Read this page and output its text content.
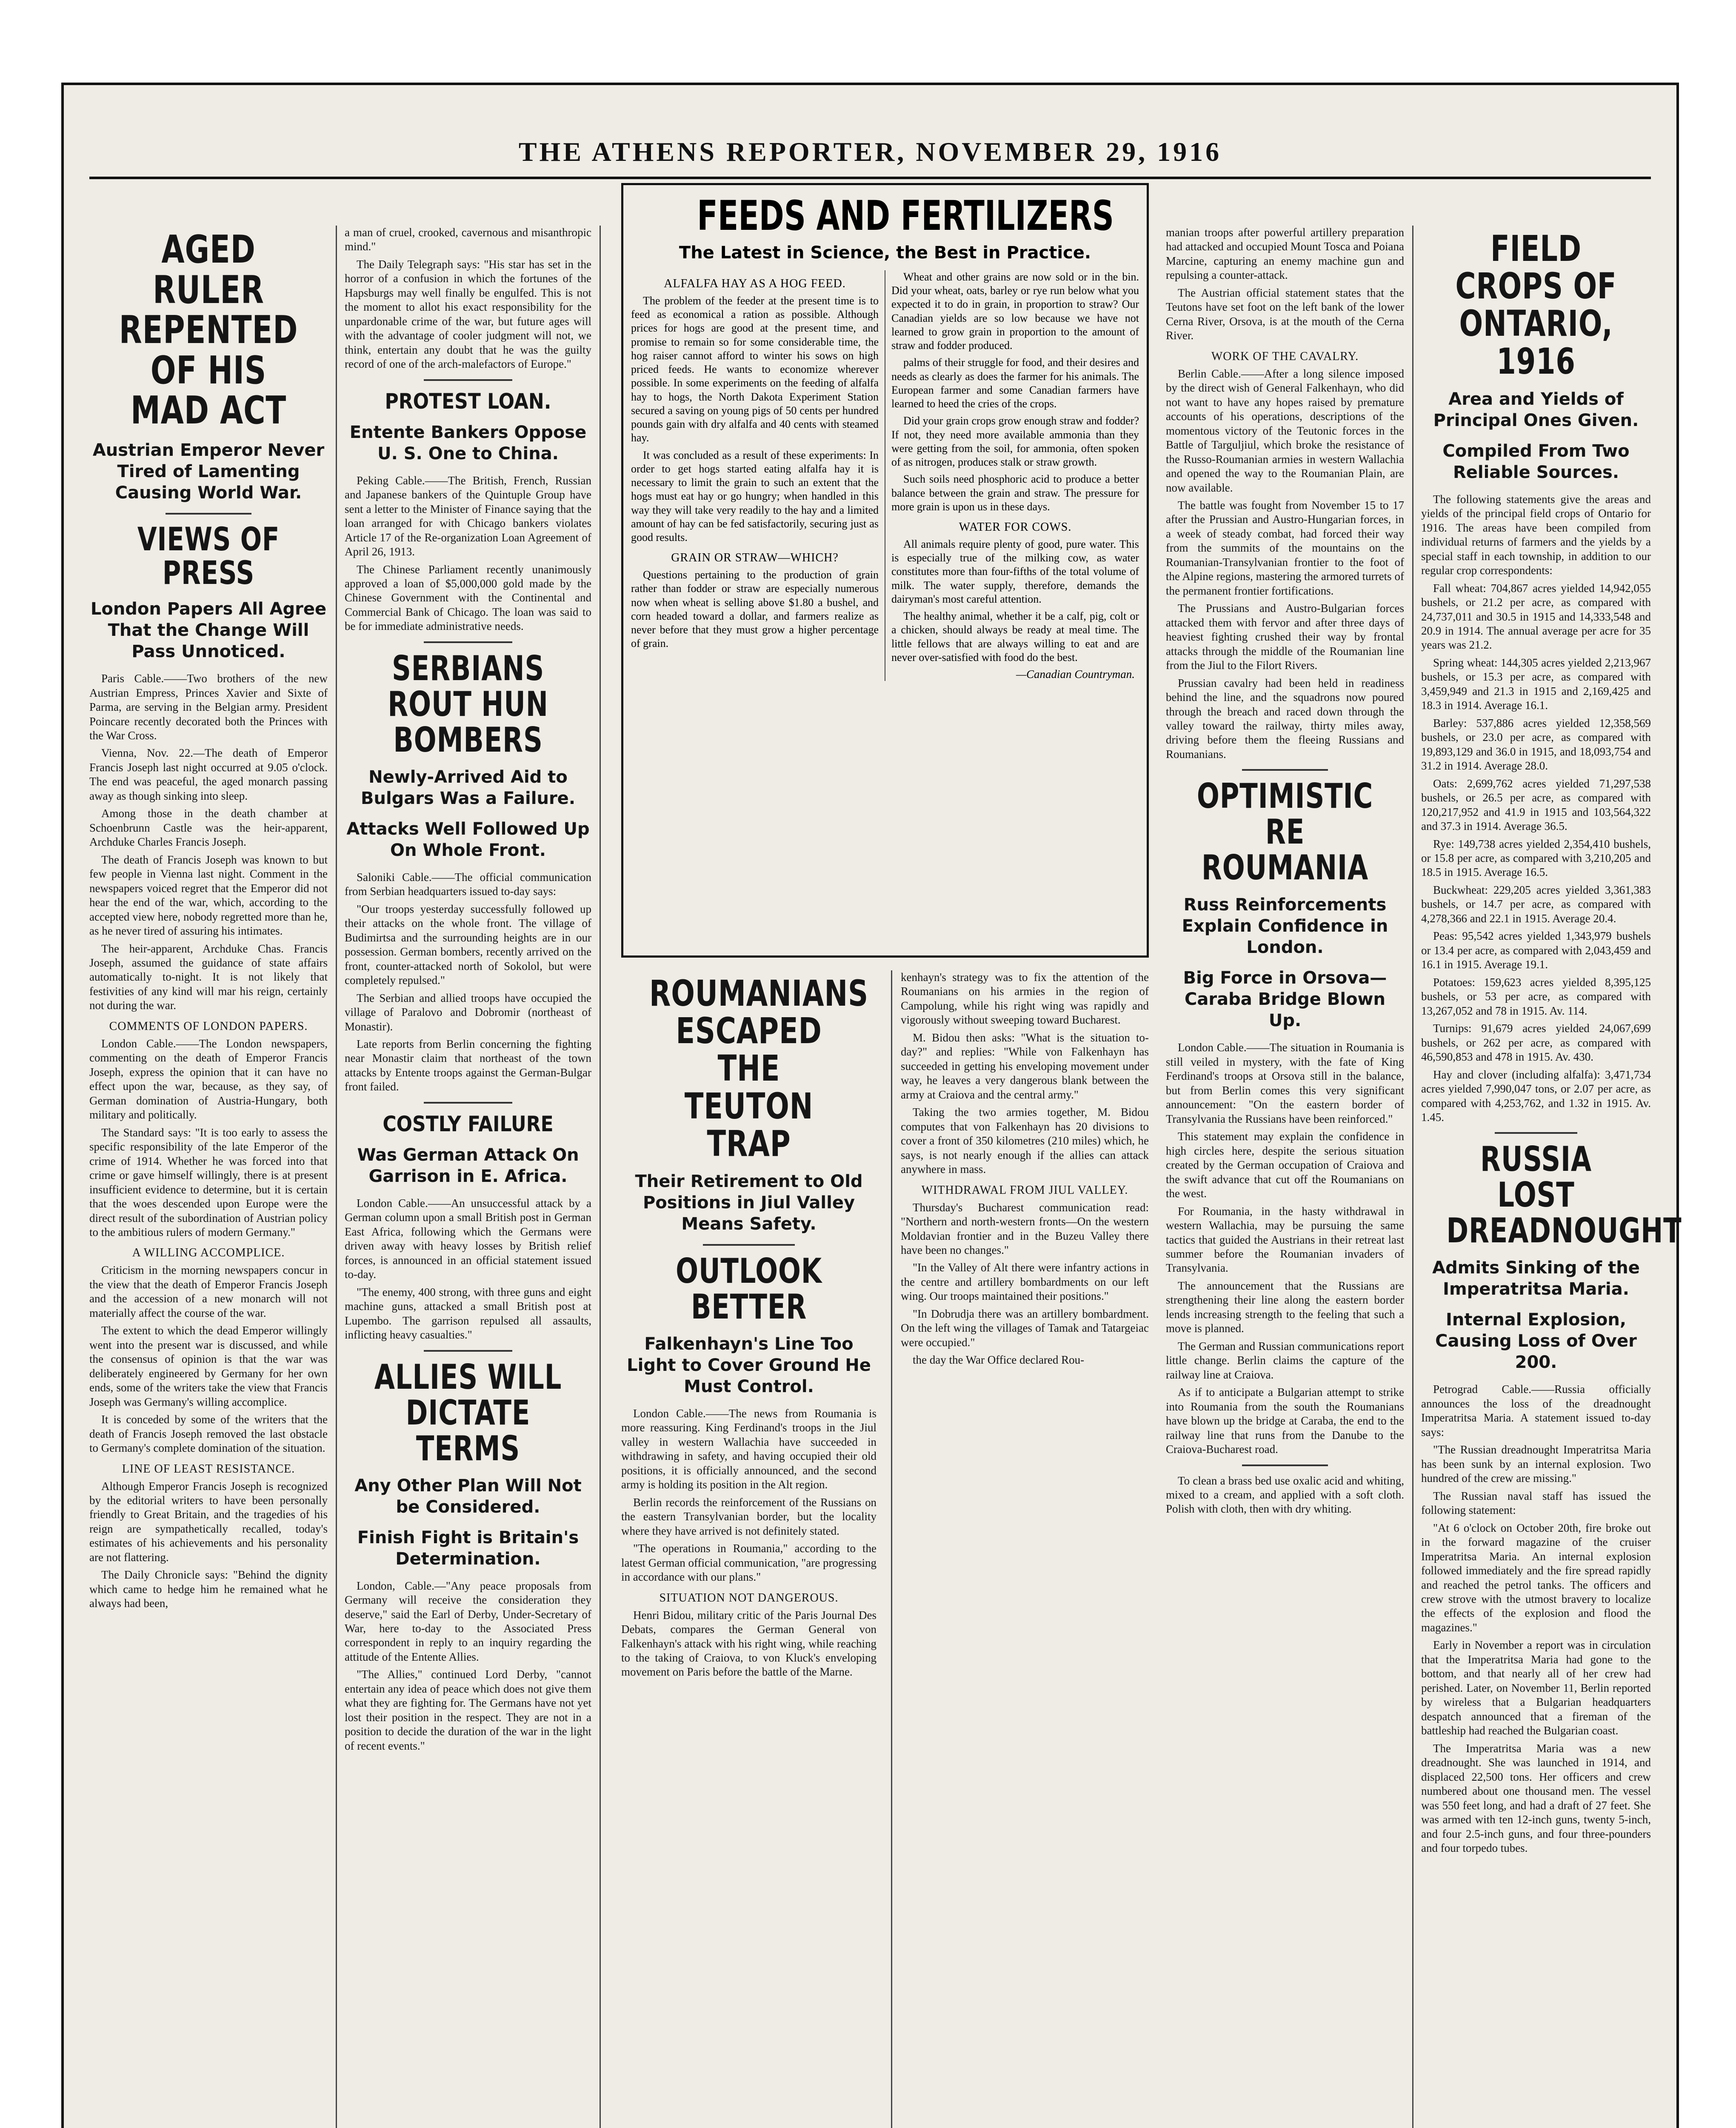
THE ATHENS REPORTER, NOVEMBER 29, 1916
AGED RULER REPENTED OF HIS MAD ACT
Austrian Emperor Never Tired of Lamenting Causing World War.
VIEWS OF PRESS
London Papers All Agree That the Change Will Pass Unnoticed.

Paris Cable.——Two brothers of the new Austrian Empress, Princes Xavier and Sixte of Parma, are serving in the Belgian army. President Poincare recently decorated both the Princes with the War Cross.

Vienna, Nov. 22.—The death of Emperor Francis Joseph last night occurred at 9.05 o'clock. The end was peaceful, the aged monarch passing away as though sinking into sleep.

Among those in the death chamber at Schoenbrunn Castle was the heir-apparent, Archduke Charles Francis Joseph.

The death of Francis Joseph was known to but few people in Vienna last night. Comment in the newspapers voiced regret that the Emperor did not hear the end of the war, which, according to the accepted view here, nobody regretted more than he, as he never tired of assuring his intimates.

The heir-apparent, Archduke Chas. Francis Joseph, assumed the guidance of state affairs automatically to-night. It is not likely that festivities of any kind will mar his reign, certainly not during the war.

COMMENTS OF LONDON PAPERS.

London Cable.——The London newspapers, commenting on the death of Emperor Francis Joseph, express the opinion that it can have no effect upon the war, because, as they say, of German domination of Austria-Hungary, both military and politically.

The Standard says: "It is too early to assess the specific responsibility of the late Emperor of the crime of 1914. Whether he was forced into that crime or gave himself willingly, there is at present insufficient evidence to determine, but it is certain that the woes descended upon Europe were the direct result of the subordination of Austrian policy to the ambitious rulers of modern Germany."

A WILLING ACCOMPLICE.

Criticism in the morning newspapers concur in the view that the death of Emperor Francis Joseph and the accession of a new monarch will not materially affect the course of the war.

The extent to which the dead Emperor willingly went into the present war is discussed, and while the consensus of opinion is that the war was deliberately engineered by Germany for her own ends, some of the writers take the view that Francis Joseph was Germany's willing accomplice.

It is conceded by some of the writers that the death of Francis Joseph removed the last obstacle to Germany's complete domination of the situation.

LINE OF LEAST RESISTANCE.

Although Emperor Francis Joseph is recognized by the editorial writers to have been personally friendly to Great Britain, and the tragedies of his reign are sympathetically recalled, today's estimates of his achievements and his personality are not flattering.

The Daily Chronicle says: "Behind the dignity which came to hedge him he remained what he always had been,

a man of cruel, crooked, cavernous and misanthropic mind."

The Daily Telegraph says: "His star has set in the horror of a confusion in which the fortunes of the Hapsburgs may well finally be engulfed. This is not the moment to allot his exact responsibility for the unpardonable crime of the war, but future ages will with the advantage of cooler judgment will not, we think, entertain any doubt that he was the guilty record of one of the arch-malefactors of Europe."

PROTEST LOAN.
Entente Bankers Oppose U. S. One to China.

Peking Cable.——The British, French, Russian and Japanese bankers of the Quintuple Group have sent a letter to the Minister of Finance saying that the loan arranged for with Chicago bankers violates Article 17 of the Re-organization Loan Agreement of April 26, 1913.

The Chinese Parliament recently unanimously approved a loan of $5,000,000 gold made by the Chinese Government with the Continental and Commercial Bank of Chicago. The loan was said to be for immediate administrative needs.

SERBIANS ROUT HUN BOMBERS
Newly-Arrived Aid to Bulgars Was a Failure.
Attacks Well Followed Up On Whole Front.

Saloniki Cable.——The official communication from Serbian headquarters issued to-day says:

"Our troops yesterday successfully followed up their attacks on the whole front. The village of Budimirtsa and the surrounding heights are in our possession. German bombers, recently arrived on the front, counter-attacked north of Sokolol, but were completely repulsed."

The Serbian and allied troops have occupied the village of Paralovo and Dobromir (northeast of Monastir).

Late reports from Berlin concerning the fighting near Monastir claim that northeast of the town attacks by Entente troops against the German-Bulgar front failed.

COSTLY FAILURE
Was German Attack On Garrison in E. Africa.

London Cable.——An unsuccessful attack by a German column upon a small British post in German East Africa, following which the Germans were driven away with heavy losses by British relief forces, is announced in an official statement issued to-day.

"The enemy, 400 strong, with three guns and eight machine guns, attacked a small British post at Lupembo. The garrison repulsed all assaults, inflicting heavy casualties."

ALLIES WILL DICTATE TERMS
Any Other Plan Will Not be Considered.
Finish Fight is Britain's Determination.

London, Cable.—"Any peace proposals from Germany will receive the consideration they deserve," said the Earl of Derby, Under-Secretary of War, here to-day to the Associated Press correspondent in reply to an inquiry regarding the attitude of the Entente Allies.

"The Allies," continued Lord Derby, "cannot entertain any idea of peace which does not give them what they are fighting for. The Germans have not yet lost their position in the respect. They are not in a position to decide the duration of the war in the light of recent events."

FEEDS AND FERTILIZERS
The Latest in Science, the Best in Practice.
ALFALFA HAY AS A HOG FEED.

The problem of the feeder at the present time is to feed as economical a ration as possible. Although prices for hogs are good at the present time, and promise to remain so for some considerable time, the hog raiser cannot afford to winter his sows on high priced feeds. He wants to economize wherever possible. In some experiments on the feeding of alfalfa hay to hogs, the North Dakota Experiment Station secured a saving on young pigs of 50 cents per hundred pounds gain with dry alfalfa and 40 cents with steamed hay.

It was concluded as a result of these experiments: In order to get hogs started eating alfalfa hay it is necessary to limit the grain to such an extent that the hogs must eat hay or go hungry; when handled in this way they will take very readily to the hay and a limited amount of hay can be fed satisfactorily, securing just as good results.

GRAIN OR STRAW—WHICH?

Questions pertaining to the production of grain rather than fodder or straw are especially numerous now when wheat is selling above $1.80 a bushel, and corn headed toward a dollar, and farmers realize as never before that they must grow a higher percentage of grain.

Wheat and other grains are now sold or in the bin. Did your wheat, oats, barley or rye run below what you expected it to do in grain, in proportion to straw? Our Canadian yields are so low because we have not learned to grow grain in proportion to the amount of straw and fodder produced.

palms of their struggle for food, and their desires and needs as clearly as does the farmer for his animals. The European farmer and some Canadian farmers have learned to heed the cries of the crops.

Did your grain crops grow enough straw and fodder? If not, they need more available ammonia than they were getting from the soil, for ammonia, often spoken of as nitrogen, produces stalk or straw growth.

Such soils need phosphoric acid to produce a better balance between the grain and straw. The pressure for more grain is upon us in these days.

WATER FOR COWS.

All animals require plenty of good, pure water. This is especially true of the milking cow, as water constitutes more than four-fifths of the total volume of milk. The water supply, therefore, demands the dairyman's most careful attention.

The healthy animal, whether it be a calf, pig, colt or a chicken, should always be ready at meal time. The little fellows that are always willing to eat and are never over-satisfied with food do the best.

—Canadian Countryman.

manian troops after powerful artillery preparation had attacked and occupied Mount Tosca and Poiana Marcine, capturing an enemy machine gun and repulsing a counter-attack.

The Austrian official statement states that the Teutons have set foot on the left bank of the lower Cerna River, Orsova, is at the mouth of the Cerna River.

WORK OF THE CAVALRY.

Berlin Cable.——After a long silence imposed by the direct wish of General Falkenhayn, who did not want to have any hopes raised by premature accounts of his operations, descriptions of the momentous victory of the Teutonic forces in the Battle of Targuljiul, which broke the resistance of the Russo-Roumanian armies in western Wallachia and opened the way to the Roumanian Plain, are now available.

The battle was fought from November 15 to 17 after the Prussian and Austro-Hungarian forces, in a week of steady combat, had forced their way from the summits of the mountains on the Roumanian-Transylvanian frontier to the foot of the Alpine regions, mastering the armored turrets of the permanent frontier fortifications.

The Prussians and Austro-Bulgarian forces attacked them with fervor and after three days of heaviest fighting crushed their way by frontal attacks through the middle of the Roumanian line from the Jiul to the Filort Rivers.

Prussian cavalry had been held in readiness behind the line, and the squadrons now poured through the breach and raced down through the valley toward the railway, thirty miles away, driving before them the fleeing Russians and Roumanians.

OPTIMISTIC RE ROUMANIA
Russ Reinforcements Explain Confidence in London.
Big Force in Orsova—Caraba Bridge Blown Up.

London Cable.——The situation in Roumania is still veiled in mystery, with the fate of King Ferdinand's troops at Orsova still in the balance, but from Berlin comes this very significant announcement: "On the eastern border of Transylvania the Russians have been reinforced."

This statement may explain the confidence in high circles here, despite the serious situation created by the German occupation of Craiova and the swift advance that cut off the Roumanians on the west.

For Roumania, in the hasty withdrawal in western Wallachia, may be pursuing the same tactics that guided the Austrians in their retreat last summer before the Roumanian invaders of Transylvania.

The announcement that the Russians are strengthening their line along the eastern border lends increasing strength to the feeling that such a move is planned.

The German and Russian communications report little change. Berlin claims the capture of the railway line at Craiova.

As if to anticipate a Bulgarian attempt to strike into Roumania from the south the Roumanians have blown up the bridge at Caraba, the end to the railway line that runs from the Danube to the Craiova-Bucharest road.

To clean a brass bed use oxalic acid and whiting, mixed to a cream, and applied with a soft cloth. Polish with cloth, then with dry whiting.

ROUMANIANS ESCAPED THE TEUTON TRAP
Their Retirement to Old Positions in Jiul Valley Means Safety.
OUTLOOK BETTER
Falkenhayn's Line Too Light to Cover Ground He Must Control.

London Cable.——The news from Roumania is more reassuring. King Ferdinand's troops in the Jiul valley in western Wallachia have succeeded in withdrawing in safety, and having occupied their old positions, it is officially announced, and the second army is holding its position in the Alt region.

Berlin records the reinforcement of the Russians on the eastern Transylvanian border, but the locality where they have arrived is not definitely stated.

"The operations in Roumania," according to the latest German official communication, "are progressing in accordance with our plans."

SITUATION NOT DANGEROUS.

Henri Bidou, military critic of the Paris Journal Des Debats, compares the German General von Falkenhayn's attack with his right wing, while reaching to the taking of Craiova, to von Kluck's enveloping movement on Paris before the battle of the Marne.

kenhayn's strategy was to fix the attention of the Roumanians on his armies in the region of Campolung, while his right wing was rapidly and vigorously without sweeping toward Bucharest.

M. Bidou then asks: "What is the situation to-day?" and replies: "While von Falkenhayn has succeeded in getting his enveloping movement under way, he leaves a very dangerous blank between the army at Craiova and the central army."

Taking the two armies together, M. Bidou computes that von Falkenhayn has 20 divisions to cover a front of 350 kilometres (210 miles) which, he says, is not nearly enough if the allies can attack anywhere in mass.

WITHDRAWAL FROM JIUL VALLEY.

Thursday's Bucharest communication read: "Northern and north-western fronts—On the western Moldavian frontier and in the Buzeu Valley there have been no changes."

"In the Valley of Alt there were infantry actions in the centre and artillery bombardments on our left wing. Our troops maintained their positions."

"In Dobrudja there was an artillery bombardment. On the left wing the villages of Tamak and Tatargeiac were occupied."

the day the War Office declared Rou-

FIELD CROPS OF ONTARIO, 1916
Area and Yields of Principal Ones Given.
Compiled From Two Reliable Sources.

The following statements give the areas and yields of the principal field crops of Ontario for 1916. The areas have been compiled from individual returns of farmers and the yields by a special staff in each township, in addition to our regular crop correspondents:

Fall wheat: 704,867 acres yielded 14,942,055 bushels, or 21.2 per acre, as compared with 24,737,011 and 30.5 in 1915 and 14,333,548 and 20.9 in 1914. The annual average per acre for 35 years was 21.2.

Spring wheat: 144,305 acres yielded 2,213,967 bushels, or 15.3 per acre, as compared with 3,459,949 and 21.3 in 1915 and 2,169,425 and 18.3 in 1914. Average 16.1.

Barley: 537,886 acres yielded 12,358,569 bushels, or 23.0 per acre, as compared with 19,893,129 and 36.0 in 1915, and 18,093,754 and 31.2 in 1914. Average 28.0.

Oats: 2,699,762 acres yielded 71,297,538 bushels, or 26.5 per acre, as compared with 120,217,952 and 41.9 in 1915 and 103,564,322 and 37.3 in 1914. Average 36.5.

Rye: 149,738 acres yielded 2,354,410 bushels, or 15.8 per acre, as compared with 3,210,205 and 18.5 in 1915. Average 16.5.

Buckwheat: 229,205 acres yielded 3,361,383 bushels, or 14.7 per acre, as compared with 4,278,366 and 22.1 in 1915. Average 20.4.

Peas: 95,542 acres yielded 1,343,979 bushels or 13.4 per acre, as compared with 2,043,459 and 16.1 in 1915. Average 19.1.

Potatoes: 159,623 acres yielded 8,395,125 bushels, or 53 per acre, as compared with 13,267,052 and 78 in 1915. Av. 114.

Turnips: 91,679 acres yielded 24,067,699 bushels, or 262 per acre, as compared with 46,590,853 and 478 in 1915. Av. 430.

Hay and clover (including alfalfa): 3,471,734 acres yielded 7,990,047 tons, or 2.07 per acre, as compared with 4,253,762, and 1.32 in 1915. Av. 1.45.

RUSSIA LOST DREADNOUGHT
Admits Sinking of the Imperatritsa Maria.
Internal Explosion, Causing Loss of Over 200.

Petrograd Cable.——Russia officially announces the loss of the dreadnought Imperatritsa Maria. A statement issued to-day says:

"The Russian dreadnought Imperatritsa Maria has been sunk by an internal explosion. Two hundred of the crew are missing."

The Russian naval staff has issued the following statement:

"At 6 o'clock on October 20th, fire broke out in the forward magazine of the cruiser Imperatritsa Maria. An internal explosion followed immediately and the fire spread rapidly and reached the petrol tanks. The officers and crew strove with the utmost bravery to localize the effects of the explosion and flood the magazines."

Early in November a report was in circulation that the Imperatritsa Maria had gone to the bottom, and that nearly all of her crew had perished. Later, on November 11, Berlin reported by wireless that a Bulgarian headquarters despatch announced that a fireman of the battleship had reached the Bulgarian coast.

The Imperatritsa Maria was a new dreadnought. She was launched in 1914, and displaced 22,500 tons. Her officers and crew numbered about one thousand men. The vessel was 550 feet long, and had a draft of 27 feet. She was armed with ten 12-inch guns, twenty 5-inch, and four 2.5-inch guns, and four three-pounders and four torpedo tubes.
